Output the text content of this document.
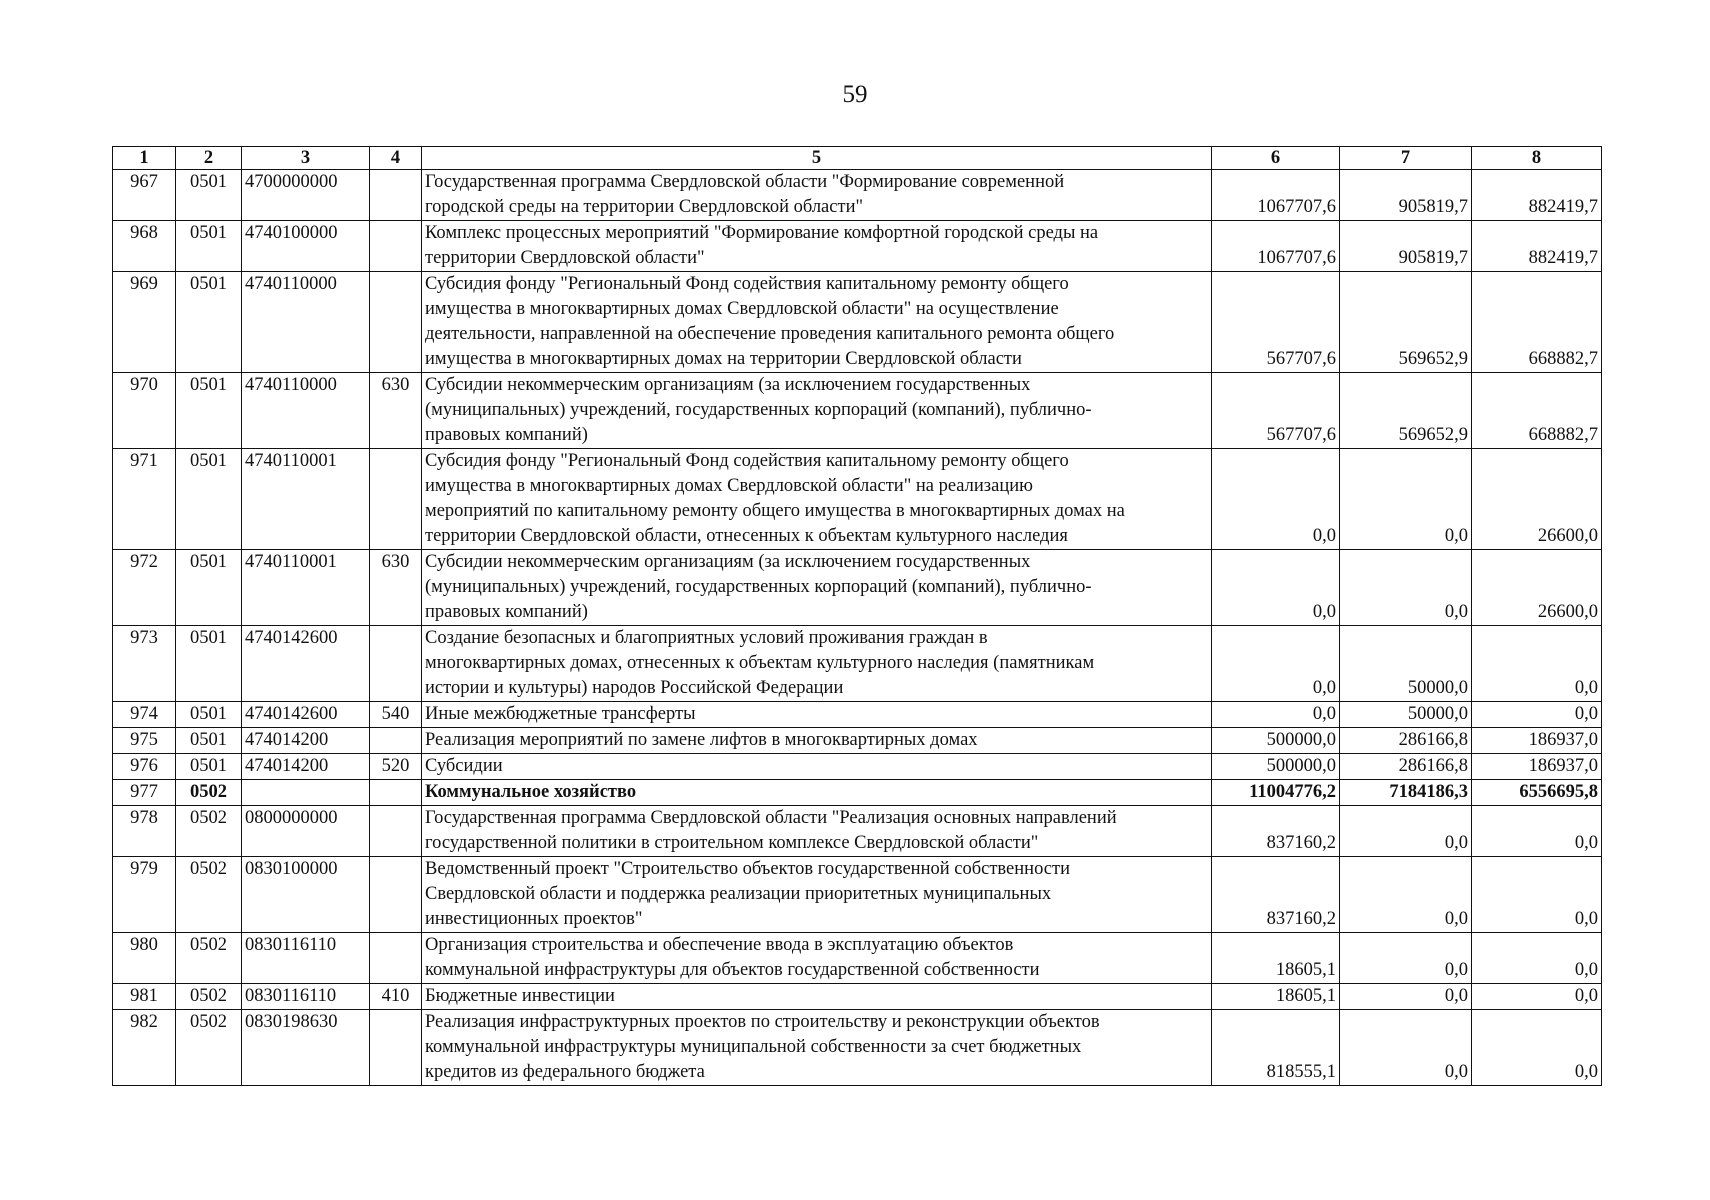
59
1	2	3	4	5	6	7	8
967	0501	4700000000		Государственная программа Свердловской области "Формирование современной
городской среды на территории Свердловской области"	1067707,6	905819,7	882419,7
968	0501	4740100000		Комплекс процессных мероприятий "Формирование комфортной городской среды на
территории Свердловской области"	1067707,6	905819,7	882419,7
969	0501	4740110000		Субсидия фонду "Региональный Фонд содействия капитальному ремонту общего
имущества в многоквартирных домах Свердловской области" на осуществление
деятельности, направленной на обеспечение проведения капитального ремонта общего
имущества в многоквартирных домах на территории Свердловской области	567707,6	569652,9	668882,7
970	0501	4740110000	630	Субсидии некоммерческим организациям (за исключением государственных
(муниципальных) учреждений, государственных корпораций (компаний), публично-
правовых компаний)	567707,6	569652,9	668882,7
971	0501	4740110001		Субсидия фонду "Региональный Фонд содействия капитальному ремонту общего
имущества в многоквартирных домах Свердловской области" на реализацию
мероприятий по капитальному ремонту общего имущества в многоквартирных домах на
территории Свердловской области, отнесенных к объектам культурного наследия	0,0	0,0	26600,0
972	0501	4740110001	630	Субсидии некоммерческим организациям (за исключением государственных
(муниципальных) учреждений, государственных корпораций (компаний), публично-
правовых компаний)	0,0	0,0	26600,0
973	0501	4740142600		Создание безопасных и благоприятных условий проживания граждан в
многоквартирных домах, отнесенных к объектам культурного наследия (памятникам
истории и культуры) народов Российской Федерации	0,0	50000,0	0,0
974	0501	4740142600	540	Иные межбюджетные трансферты	0,0	50000,0	0,0
975	0501	474014200		Реализация мероприятий по замене лифтов в многоквартирных домах	500000,0	286166,8	186937,0
976	0501	474014200	520	Субсидии	500000,0	286166,8	186937,0
977	0502			Коммунальное хозяйство	11004776,2	7184186,3	6556695,8
978	0502	0800000000		Государственная программа Свердловской области "Реализация основных направлений
государственной политики в строительном комплексе Свердловской области"	837160,2	0,0	0,0
979	0502	0830100000		Ведомственный проект "Строительство объектов государственной собственности
Свердловской области и поддержка реализации приоритетных муниципальных
инвестиционных проектов"	837160,2	0,0	0,0
980	0502	0830116110		Организация строительства и обеспечение ввода в эксплуатацию объектов
коммунальной инфраструктуры для объектов государственной собственности	18605,1	0,0	0,0
981	0502	0830116110	410	Бюджетные инвестиции	18605,1	0,0	0,0
982	0502	0830198630		Реализация инфраструктурных проектов по строительству и реконструкции объектов
коммунальной инфраструктуры муниципальной собственности за счет бюджетных
кредитов из федерального бюджета	818555,1	0,0	0,0
